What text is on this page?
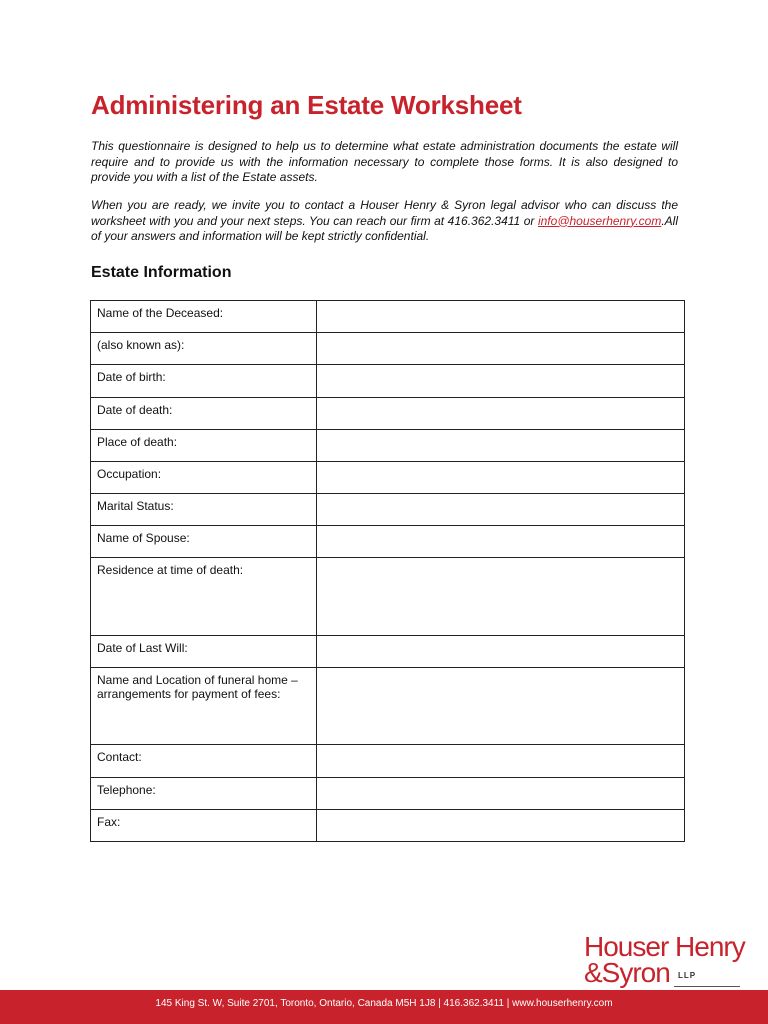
Administering an Estate Worksheet

This questionnaire is designed to help us to determine what estate administration documents the estate will require and to provide us with the information necessary to complete those forms. It is also designed to provide you with a list of the Estate assets.

When you are ready, we invite you to contact a Houser Henry & Syron legal advisor who can discuss the worksheet with you and your next steps. You can reach our firm at 416.362.3411 or info@houserhenry.com.All of your answers and information will be kept strictly confidential.

Estate Information
Name of the Deceased:	
(also known as):	
Date of birth:	
Date of death:	
Place of death:	
Occupation:	
Marital Status:	
Name of Spouse:	
Residence at time of death:	
Date of Last Will:	
Name and Location of funeral home – arrangements for payment of fees:	
Contact:	
Telephone:	
Fax:	
Houser Henry
&Syron LLP
145 King St. W, Suite 2701, Toronto, Ontario, Canada M5H 1J8 | 416.362.3411 | www.houserhenry.com
